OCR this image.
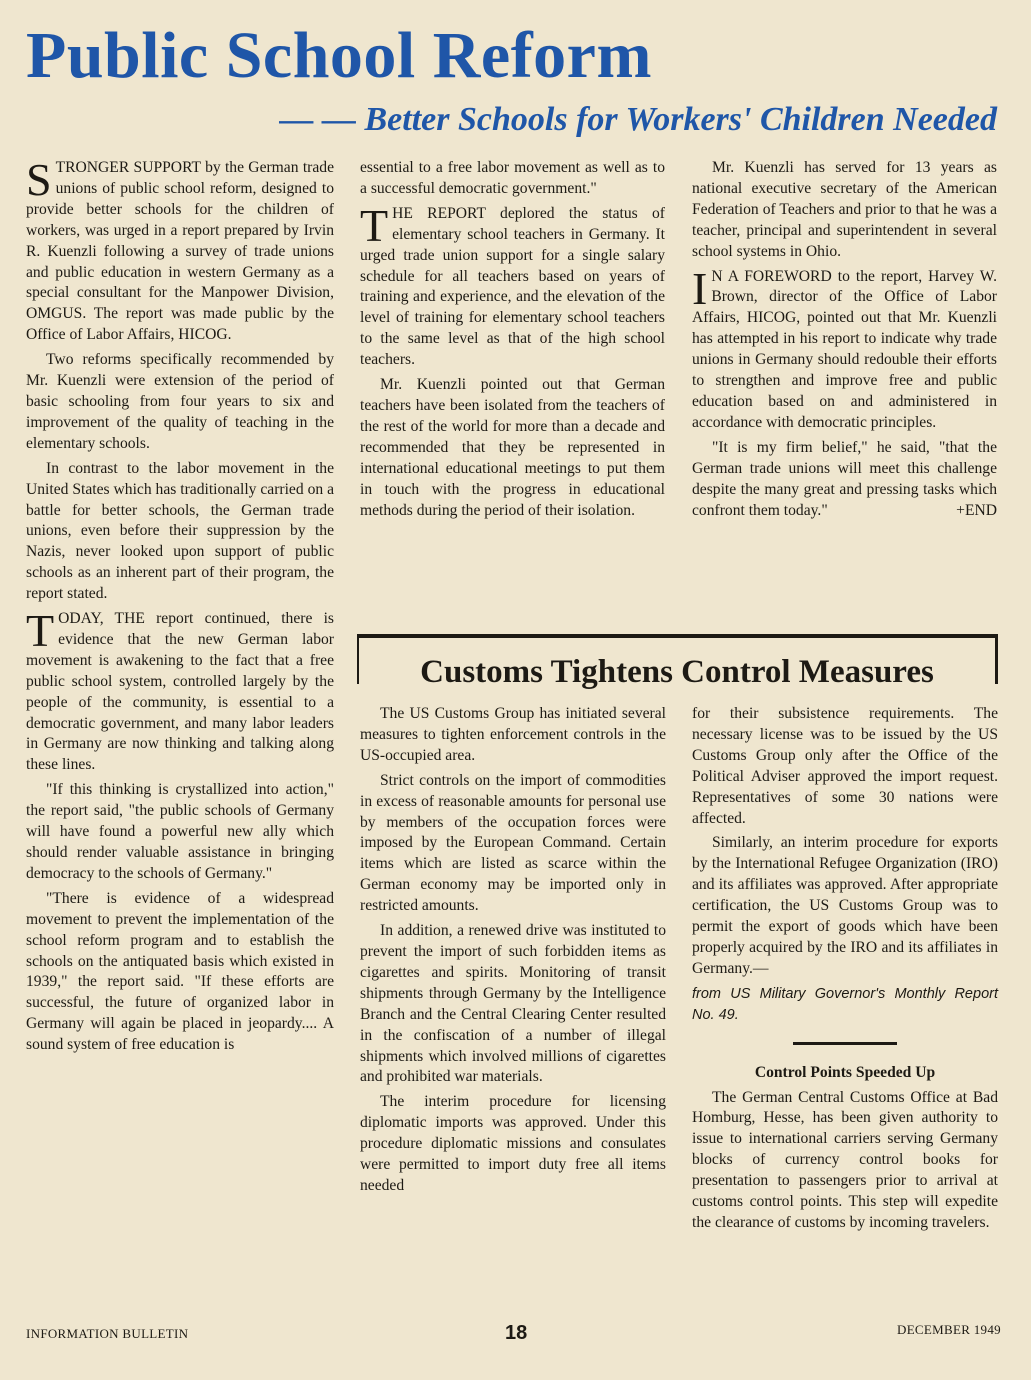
Public School Reform
— — Better Schools for Workers' Children Needed

STRONGER SUPPORT by the German trade unions of public school reform, designed to provide better schools for the children of workers, was urged in a report prepared by Irvin R. Kuenzli following a survey of trade unions and public education in western Germany as a special consultant for the Manpower Division, OMGUS. The report was made public by the Office of Labor Affairs, HICOG.

Two reforms specifically recommended by Mr. Kuenzli were extension of the period of basic schooling from four years to six and improvement of the quality of teaching in the elementary schools.

In contrast to the labor movement in the United States which has traditionally carried on a battle for better schools, the German trade unions, even before their suppression by the Nazis, never looked upon support of public schools as an inherent part of their program, the report stated.

TODAY, THE report continued, there is evidence that the new German labor movement is awakening to the fact that a free public school system, controlled largely by the people of the community, is essential to a democratic government, and many labor leaders in Germany are now thinking and talking along these lines.

"If this thinking is crystallized into action," the report said, "the public schools of Germany will have found a powerful new ally which should render valuable assistance in bringing democracy to the schools of Germany."

"There is evidence of a widespread movement to prevent the implementation of the school reform program and to establish the schools on the antiquated basis which existed in 1939," the report said. "If these efforts are successful, the future of organized labor in Germany will again be placed in jeopardy.... A sound system of free education is

essential to a free labor movement as well as to a successful democratic government."

THE REPORT deplored the status of elementary school teachers in Germany. It urged trade union support for a single salary schedule for all teachers based on years of training and experience, and the elevation of the level of training for elementary school teachers to the same level as that of the high school teachers.

Mr. Kuenzli pointed out that German teachers have been isolated from the teachers of the rest of the world for more than a decade and recommended that they be represented in international educational meetings to put them in touch with the progress in educational methods during the period of their isolation.

Mr. Kuenzli has served for 13 years as national executive secretary of the American Federation of Teachers and prior to that he was a teacher, principal and superintendent in several school systems in Ohio.

I N A FOREWORD to the report, Harvey W. Brown, director of the Office of Labor Affairs, HICOG, pointed out that Mr. Kuenzli has attempted in his report to indicate why trade unions in Germany should redouble their efforts to strengthen and improve free and public education based on and administered in accordance with democratic principles.

"It is my firm belief," he said, "that the German trade unions will meet this challenge despite the many great and pressing tasks which confront them today."	+END

Customs Tightens Control Measures

The US Customs Group has initiated several measures to tighten enforcement controls in the US-occupied area.

Strict controls on the import of commodities in excess of reasonable amounts for personal use by members of the occupation forces were imposed by the European Command. Certain items which are listed as scarce within the German economy may be imported only in restricted amounts.

In addition, a renewed drive was instituted to prevent the import of such forbidden items as cigarettes and spirits. Monitoring of transit shipments through Germany by the Intelligence Branch and the Central Clearing Center resulted in the confiscation of a number of illegal shipments which involved millions of cigarettes and prohibited war materials.

The interim procedure for licensing diplomatic imports was approved. Under this procedure diplomatic missions and consulates were permitted to import duty free all items needed

for their subsistence requirements. The necessary license was to be issued by the US Customs Group only after the Office of the Political Adviser approved the import request. Representatives of some 30 nations were affected.

Similarly, an interim procedure for exports by the International Refugee Organization (IRO) and its affiliates was approved. After appropriate certification, the US Customs Group was to permit the export of goods which have been properly acquired by the IRO and its affiliates in Germany.—

from US Military Governor's Monthly Report No. 49.

Control Points Speeded Up

The German Central Customs Office at Bad Homburg, Hesse, has been given authority to issue to international carriers serving Germany blocks of currency control books for presentation to passengers prior to arrival at customs control points. This step will expedite the clearance of customs by incoming travelers.

INFORMATION BULLETIN	18	DECEMBER 1949
